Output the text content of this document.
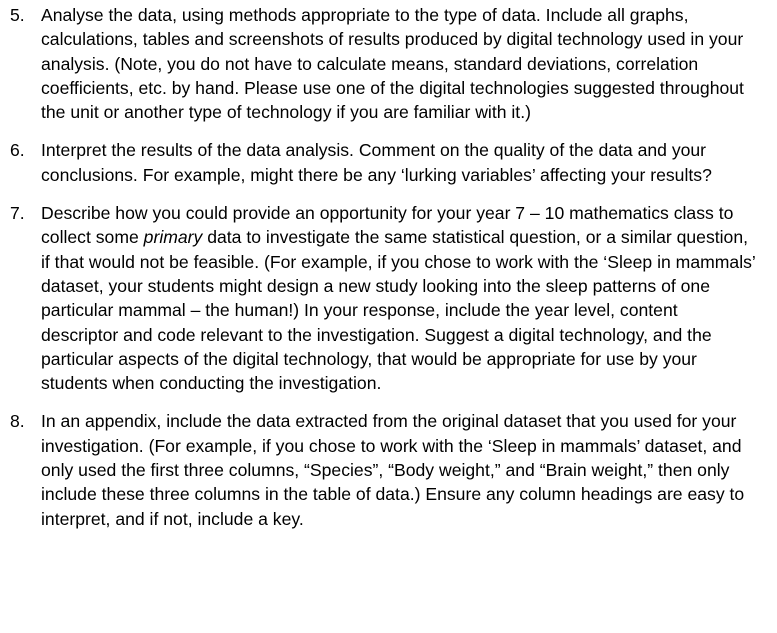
5. Analyse the data, using methods appropriate to the type of data. Include all graphs, calculations, tables and screenshots of results produced by digital technology used in your analysis. (Note, you do not have to calculate means, standard deviations, correlation coefficients, etc. by hand. Please use one of the digital technologies suggested throughout the unit or another type of technology if you are familiar with it.)
6. Interpret the results of the data analysis. Comment on the quality of the data and your conclusions. For example, might there be any ‘lurking variables’ affecting your results?
7. Describe how you could provide an opportunity for your year 7 – 10 mathematics class to collect some primary data to investigate the same statistical question, or a similar question, if that would not be feasible. (For example, if you chose to work with the ‘Sleep in mammals’ dataset, your students might design a new study looking into the sleep patterns of one particular mammal – the human!) In your response, include the year level, content descriptor and code relevant to the investigation. Suggest a digital technology, and the particular aspects of the digital technology, that would be appropriate for use by your students when conducting the investigation.
8. In an appendix, include the data extracted from the original dataset that you used for your investigation. (For example, if you chose to work with the ‘Sleep in mammals’ dataset, and only used the first three columns, “Species”, “Body weight,” and “Brain weight,” then only include these three columns in the table of data.) Ensure any column headings are easy to interpret, and if not, include a key.
